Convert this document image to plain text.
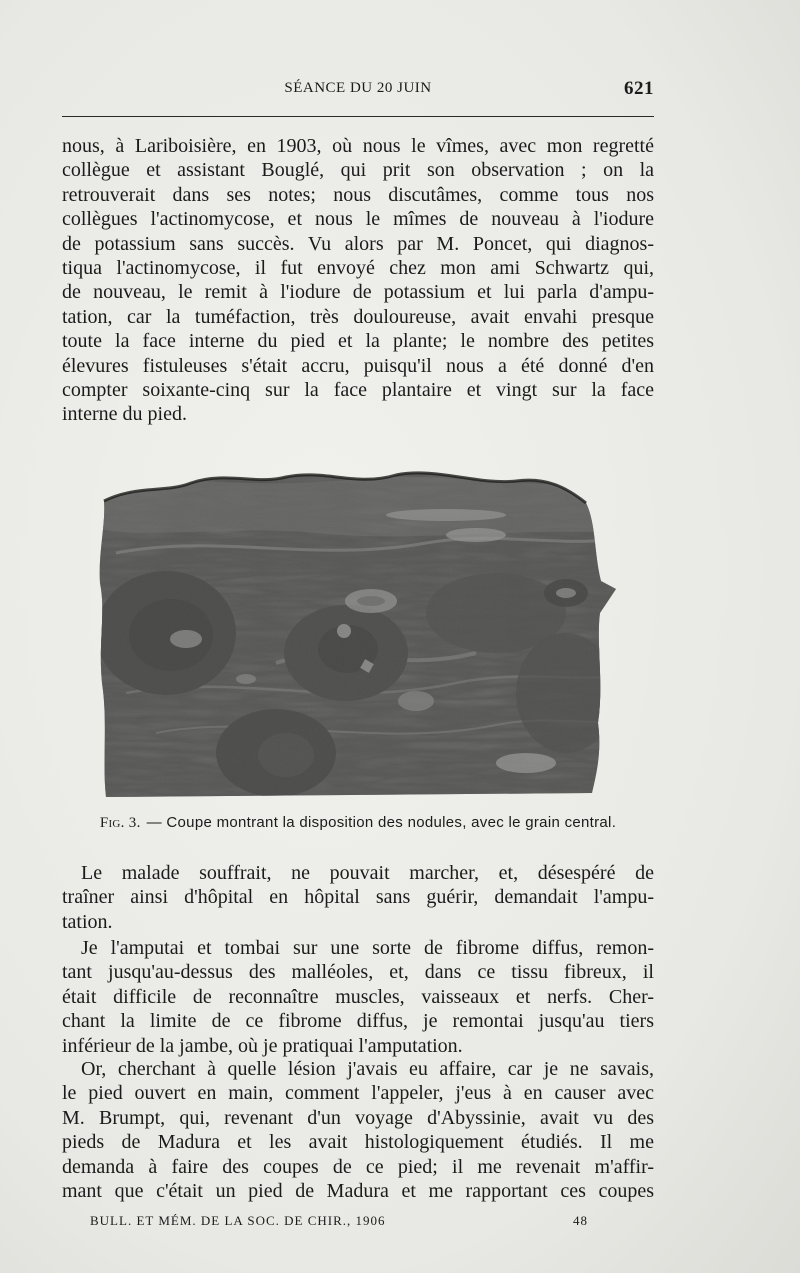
SÉANCE DU 20 JUIN	621

nous, à Lariboisière, en 1903, où nous le vîmes, avec mon regretté
collègue et assistant Bouglé, qui prit son observation ; on la
retrouverait dans ses notes; nous discutâmes, comme tous nos
collègues l'actinomycose, et nous le mîmes de nouveau à l'iodure
de potassium sans succès. Vu alors par M. Poncet, qui diagnos-
tiqua l'actinomycose, il fut envoyé chez mon ami Schwartz qui,
de nouveau, le remit à l'iodure de potassium et lui parla d'ampu-
tation, car la tuméfaction, très douloureuse, avait envahi presque
toute la face interne du pied et la plante; le nombre des petites
élevures fistuleuses s'était accru, puisqu'il nous a été donné d'en
compter soixante-cinq sur la face plantaire et vingt sur la face
interne du pied.

Fig. 3. — Coupe montrant la disposition des nodules, avec le grain central.

Le malade souffrait, ne pouvait marcher, et, désespéré de
traîner ainsi d'hôpital en hôpital sans guérir, demandait l'ampu-
tation.

Je l'amputai et tombai sur une sorte de fibrome diffus, remon-
tant jusqu'au-dessus des malléoles, et, dans ce tissu fibreux, il
était difficile de reconnaître muscles, vaisseaux et nerfs. Cher-
chant la limite de ce fibrome diffus, je remontai jusqu'au tiers
inférieur de la jambe, où je pratiquai l'amputation.

Or, cherchant à quelle lésion j'avais eu affaire, car je ne savais,
le pied ouvert en main, comment l'appeler, j'eus à en causer avec
M. Brumpt, qui, revenant d'un voyage d'Abyssinie, avait vu des
pieds de Madura et les avait histologiquement étudiés. Il me
demanda à faire des coupes de ce pied; il me revenait m'affir-
mant que c'était un pied de Madura et me rapportant ces coupes

BULL. ET MÉM. DE LA SOC. DE CHIR., 1906	48
